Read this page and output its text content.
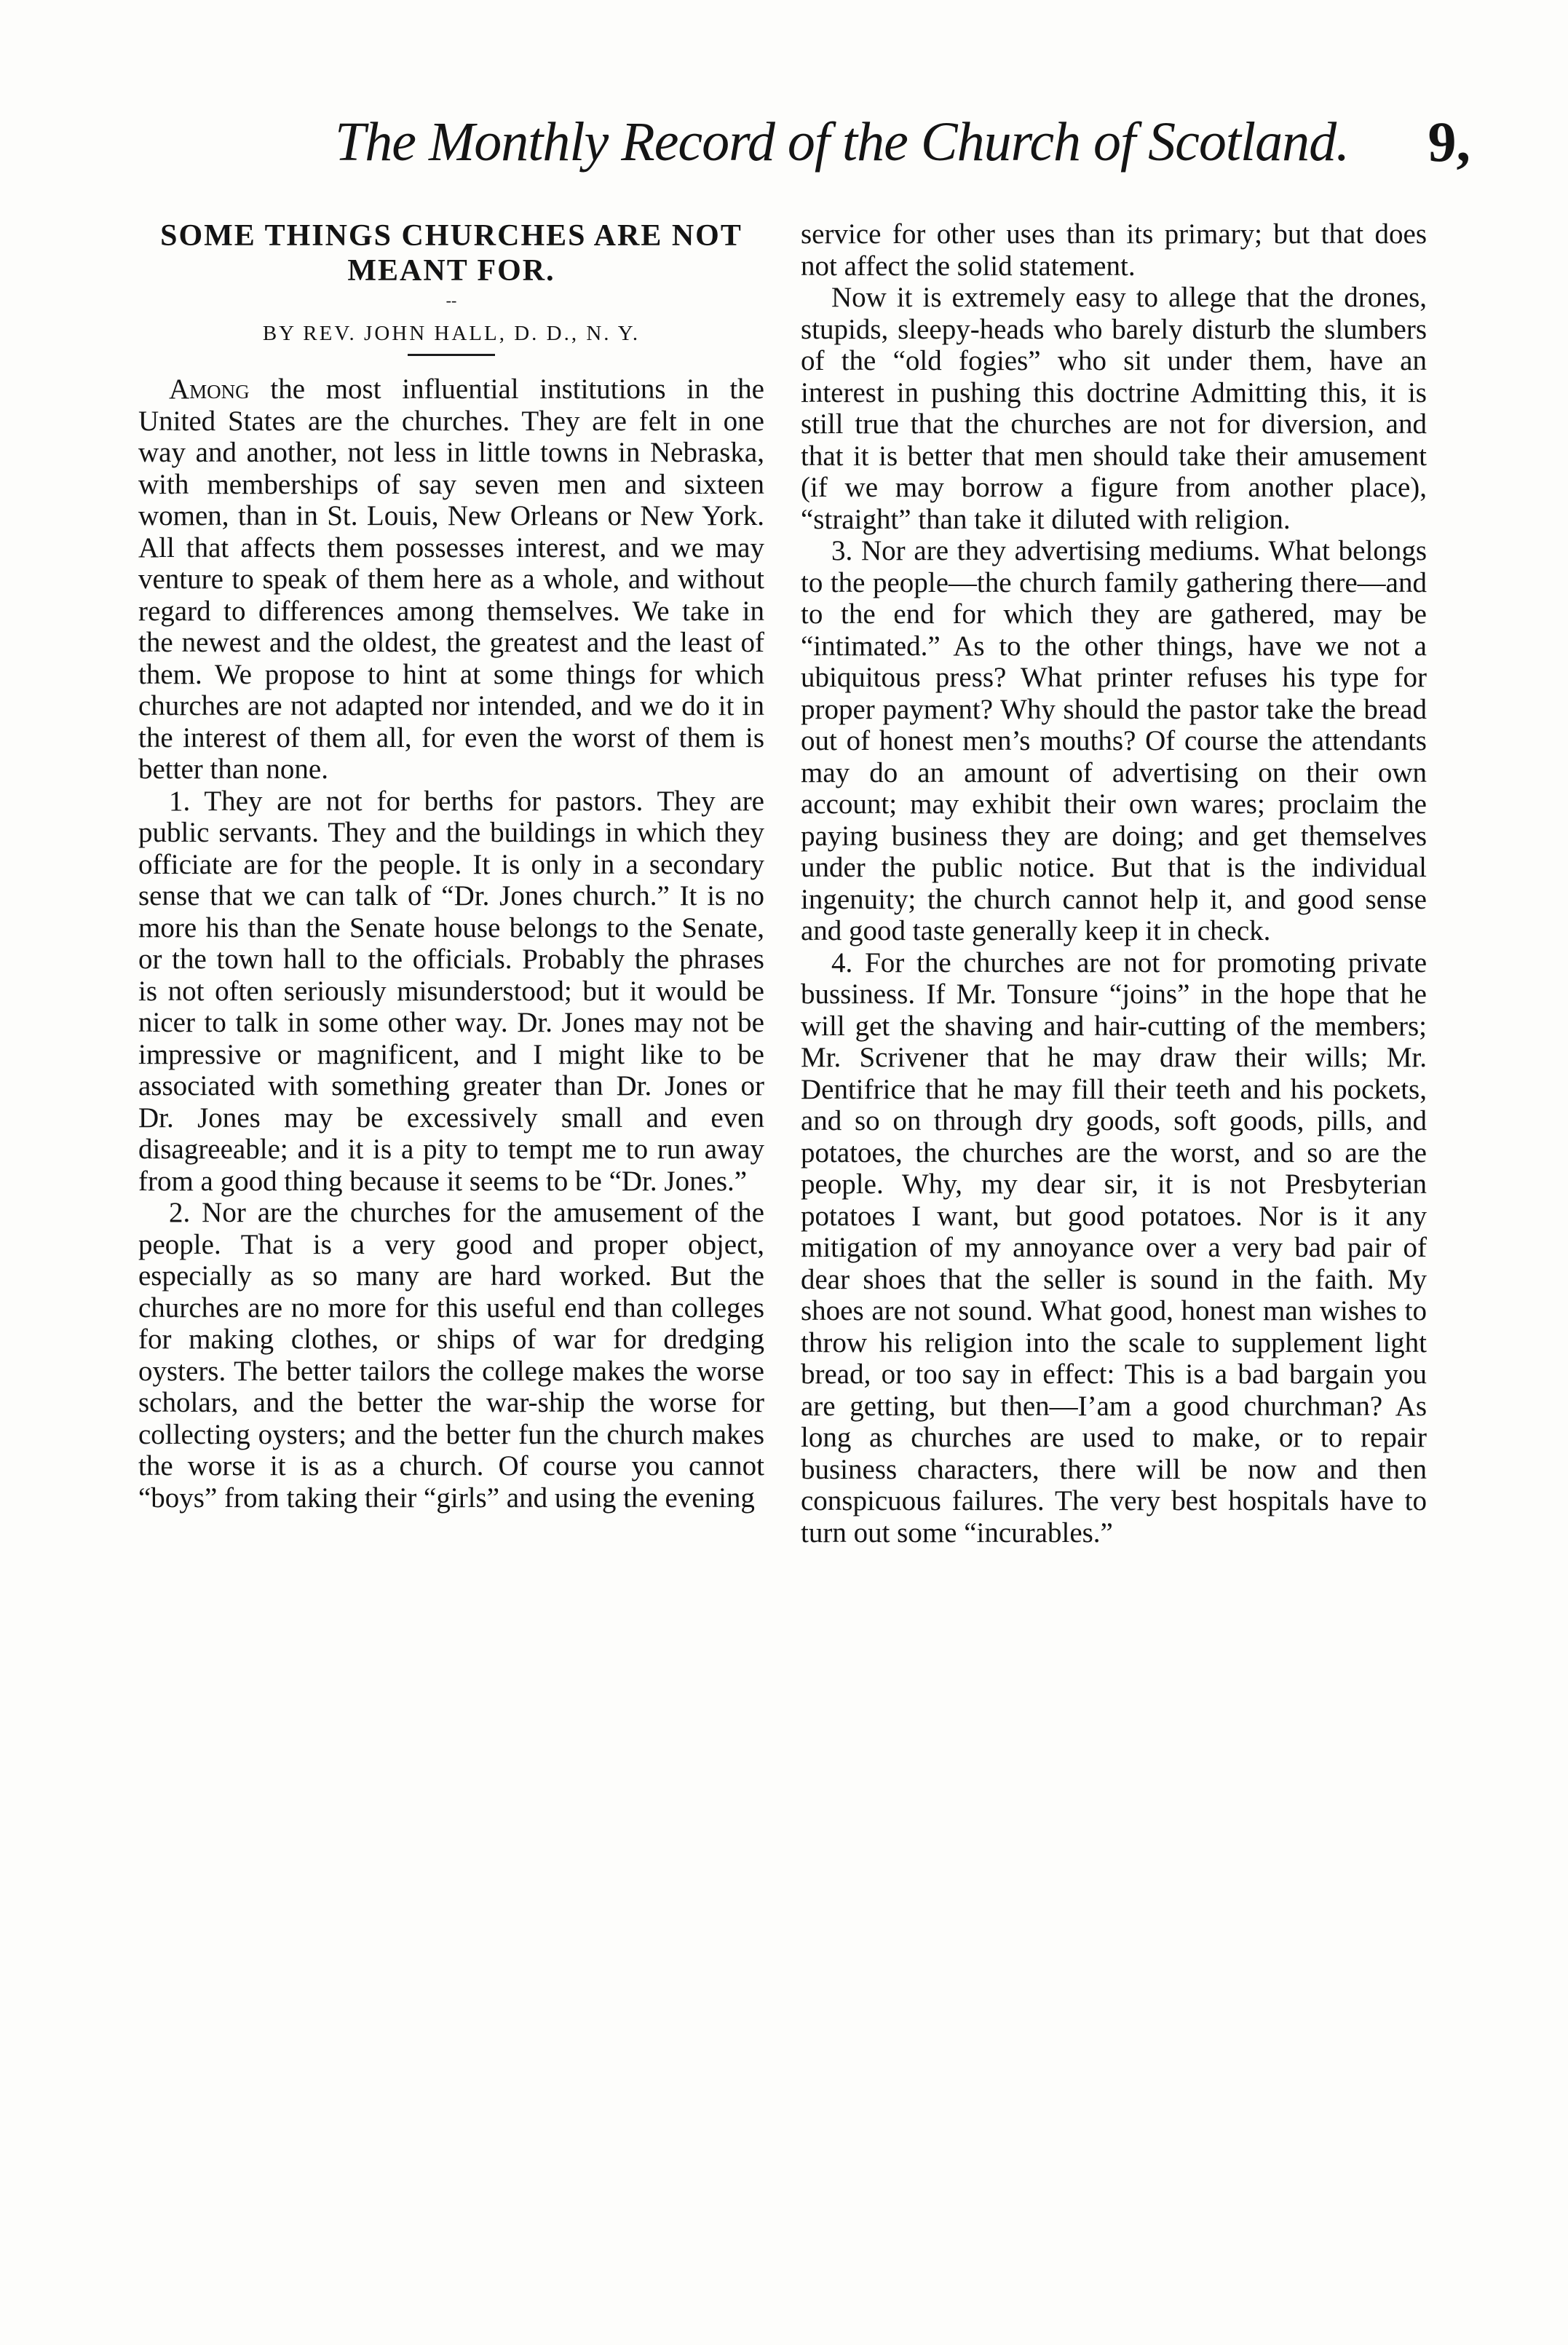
The Monthly Record of the Church of Scotland. 9,
SOME THINGS CHURCHES ARE NOT MEANT FOR.
--
BY REV. JOHN HALL, D. D., N. Y.

Among the most influential institutions in the United States are the churches. They are felt in one way and another, not less in little towns in Nebraska, with memberships of say seven men and sixteen women, than in St. Louis, New Orleans or New York. All that affects them possesses interest, and we may venture to speak of them here as a whole, and without regard to differences among themselves. We take in the newest and the oldest, the greatest and the least of them. We propose to hint at some things for which churches are not adapted nor intended, and we do it in the interest of them all, for even the worst of them is better than none.

1. They are not for berths for pastors. They are public servants. They and the buildings in which they officiate are for the people. It is only in a secondary sense that we can talk of “Dr. Jones church.” It is no more his than the Senate house belongs to the Senate, or the town hall to the officials. Probably the phrases is not often seriously misunderstood; but it would be nicer to talk in some other way. Dr. Jones may not be impressive or magnificent, and I might like to be associated with something greater than Dr. Jones or Dr. Jones may be excessively small and even disagreeable; and it is a pity to tempt me to run away from a good thing because it seems to be “Dr. Jones.”

2. Nor are the churches for the amusement of the people. That is a very good and proper object, especially as so many are hard worked. But the churches are no more for this useful end than colleges for making clothes, or ships of war for dredging oysters. The better tailors the college makes the worse scholars, and the better the war-ship the worse for collecting oysters; and the better fun the church makes the worse it is as a church. Of course you cannot “boys” from taking their “girls” and using the evening

service for other uses than its primary; but that does not affect the solid statement.

Now it is extremely easy to allege that the drones, stupids, sleepy-heads who barely disturb the slumbers of the “old fogies” who sit under them, have an interest in pushing this doctrine Admitting this, it is still true that the churches are not for diversion, and that it is better that men should take their amusement (if we may borrow a figure from another place), “straight” than take it diluted with religion.

3. Nor are they advertising mediums. What belongs to the people—the church family gathering there—and to the end for which they are gathered, may be “intimated.” As to the other things, have we not a ubiquitous press? What printer refuses his type for proper payment? Why should the pastor take the bread out of honest men’s mouths? Of course the attendants may do an amount of advertising on their own account; may exhibit their own wares; proclaim the paying business they are doing; and get themselves under the public notice. But that is the individual ingenuity; the church cannot help it, and good sense and good taste generally keep it in check.

4. For the churches are not for promoting private bussiness. If Mr. Tonsure “joins” in the hope that he will get the shaving and hair-cutting of the members; Mr. Scrivener that he may draw their wills; Mr. Dentifrice that he may fill their teeth and his pockets, and so on through dry goods, soft goods, pills, and potatoes, the churches are the worst, and so are the people. Why, my dear sir, it is not Presbyterian potatoes I want, but good potatoes. Nor is it any mitigation of my annoyance over a very bad pair of dear shoes that the seller is sound in the faith. My shoes are not sound. What good, honest man wishes to throw his religion into the scale to supplement light bread, or too say in effect: This is a bad bargain you are getting, but then—I’am a good churchman? As long as churches are used to make, or to repair business characters, there will be now and then conspicuous failures. The very best hospitals have to turn out some “incurables.”
